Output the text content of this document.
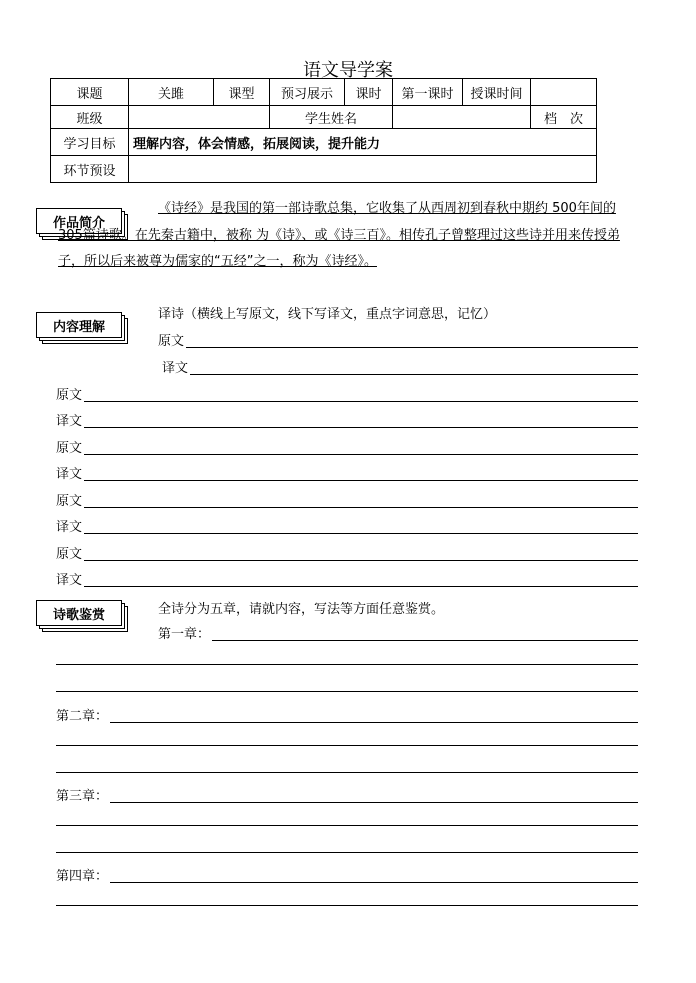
语文导学案
课题	关雎	课型	预习展示	课时	第一课时	授课时间	
班级			学生姓名				档　次
学习目标	理解内容，体会情感，拓展阅读，提升能力						
环节预设							
作品简介
《诗经》是我国的第一部诗歌总集，它收集了从西周初到春秋中期约 500年间的 305篇诗歌。在先秦古籍中，被称 为《诗》、或《诗三百》。相传孔子曾整理过这些诗并用来传授弟子，所以后来被尊为儒家的“五经”之一，称为《诗经》。
内容理解
译诗（横线上写原文，线下写译文，重点字词意思，记忆）
原文
译文
原文
译文
原文
译文
原文
译文
原文
译文
诗歌鉴赏	全诗分为五章，请就内容，写法等方面任意鉴赏。
第一章：
第二章：
第三章：
第四章：
